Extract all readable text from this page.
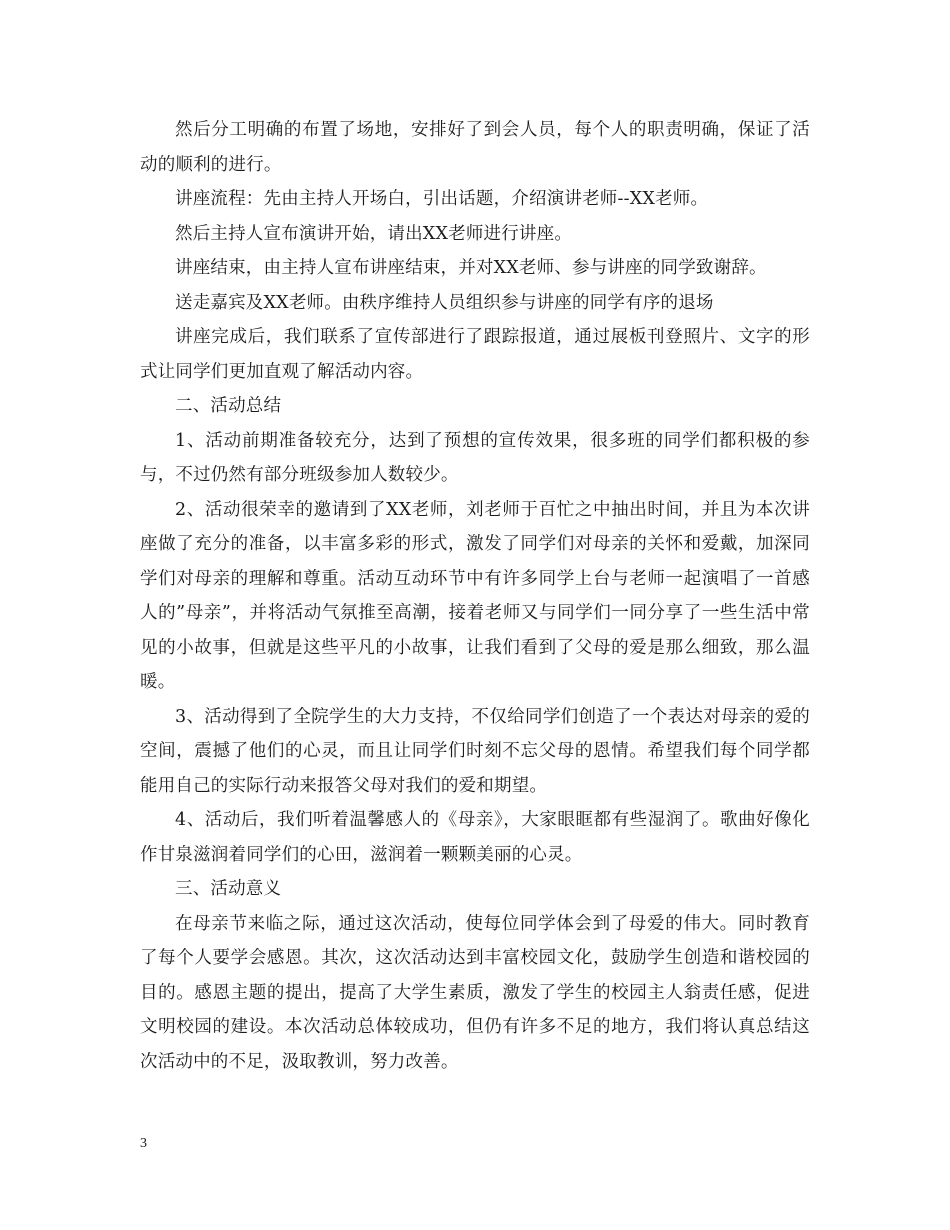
然后分工明确的布置了场地，安排好了到会人员，每个人的职责明确，保证了活动的顺利的进行。

讲座流程：先由主持人开场白，引出话题，介绍演讲老师--XX老师。

然后主持人宣布演讲开始，请出XX老师进行讲座。

讲座结束，由主持人宣布讲座结束，并对XX老师、参与讲座的同学致谢辞。

送走嘉宾及XX老师。由秩序维持人员组织参与讲座的同学有序的退场

讲座完成后，我们联系了宣传部进行了跟踪报道，通过展板刊登照片、文字的形式让同学们更加直观了解活动内容。

二、活动总结

1、活动前期准备较充分，达到了预想的宣传效果，很多班的同学们都积极的参与，不过仍然有部分班级参加人数较少。

2、活动很荣幸的邀请到了XX老师，刘老师于百忙之中抽出时间，并且为本次讲座做了充分的准备，以丰富多彩的形式，激发了同学们对母亲的关怀和爱戴，加深同学们对母亲的理解和尊重。活动互动环节中有许多同学上台与老师一起演唱了一首感人的”母亲”，并将活动气氛推至高潮，接着老师又与同学们一同分享了一些生活中常见的小故事，但就是这些平凡的小故事，让我们看到了父母的爱是那么细致，那么温暖。

3、活动得到了全院学生的大力支持，不仅给同学们创造了一个表达对母亲的爱的空间，震撼了他们的心灵，而且让同学们时刻不忘父母的恩情。希望我们每个同学都能用自己的实际行动来报答父母对我们的爱和期望。

4、活动后，我们听着温馨感人的《母亲》，大家眼眶都有些湿润了。歌曲好像化作甘泉滋润着同学们的心田，滋润着一颗颗美丽的心灵。

三、活动意义

在母亲节来临之际，通过这次活动，使每位同学体会到了母爱的伟大。同时教育了每个人要学会感恩。其次，这次活动达到丰富校园文化，鼓励学生创造和谐校园的目的。感恩主题的提出，提高了大学生素质，激发了学生的校园主人翁责任感，促进文明校园的建设。本次活动总体较成功，但仍有许多不足的地方，我们将认真总结这次活动中的不足，汲取教训，努力改善。

3
